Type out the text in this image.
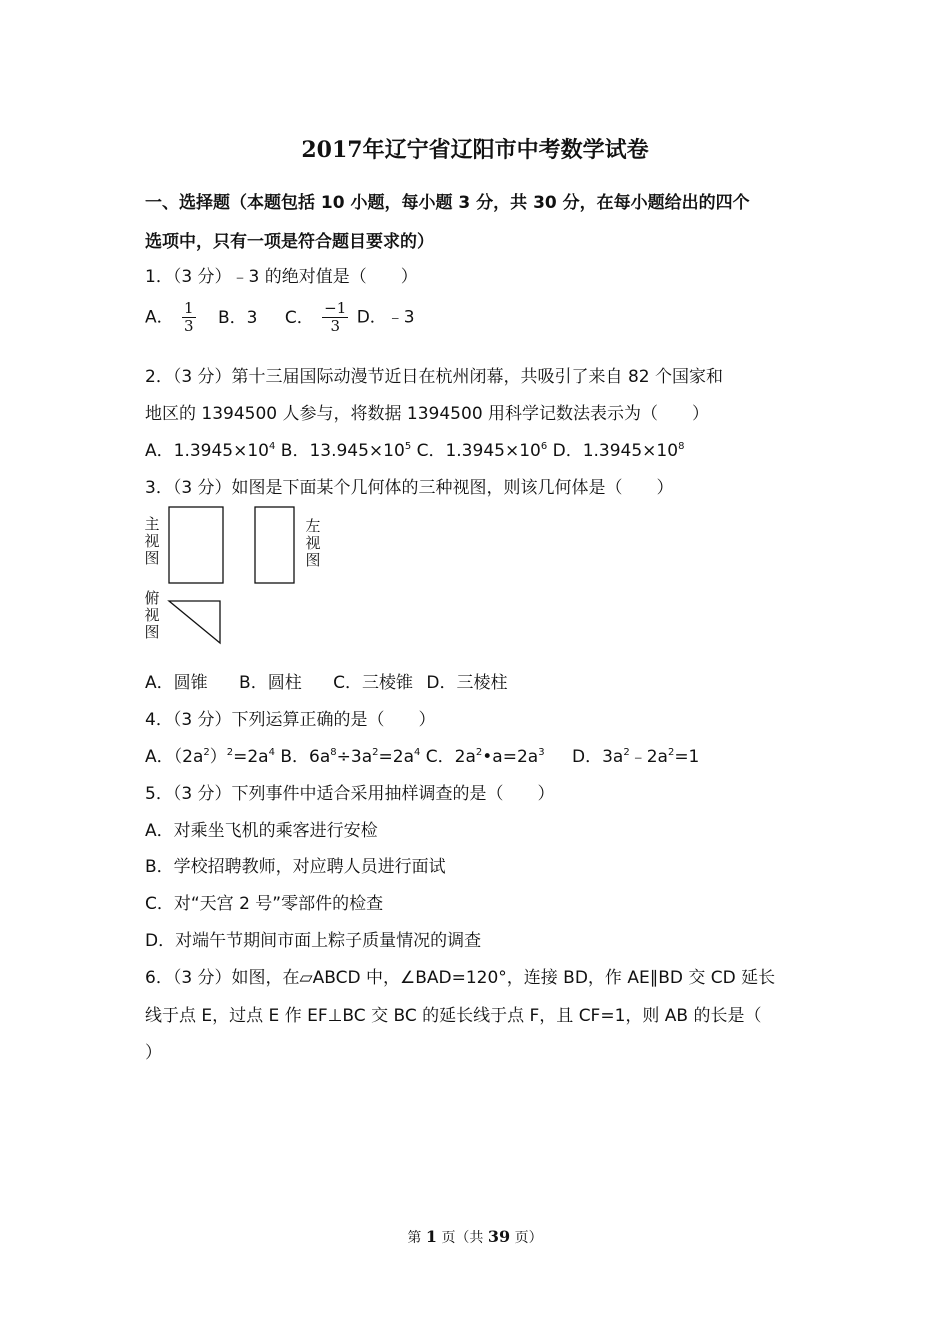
2017年辽宁省辽阳市中考数学试卷
一、选择题（本题包括 10 小题，每小题 3 分，共 30 分，在每小题给出的四个
选项中，只有一项是符合题目要求的）
1．（3 分）﹣3 的绝对值是（　　）
A． $\frac{1}{3}$ B．3 C． $\frac{-1}{3}$ D．﹣3
2．（3 分）第十三届国际动漫节近日在杭州闭幕，共吸引了来自 82 个国家和
地区的 1394500 人参与，将数据 1394500 用科学记数法表示为（　　）
A．$1.3945\times 10^4$ B．$13.945\times 10^5$ C．$1.3945\times 10^6$ D．$1.3945\times 10^8$
3．（3 分）如图是下面某个几何体的三种视图，则该几何体是（　　）
主视图
左视图
俯视图
A．圆锥 B．圆柱 C．三棱锥 D．三棱柱
4．（3 分）下列运算正确的是（　　）
A．$(2a^2)^2=2a^4$ B．$6a^8\div 3a^2=2a^4$ C．$2a^2•a=2a^3$ D．$3a^2﹣2a^2=1$
5．（3 分）下列事件中适合采用抽样调查的是（　　）
A．对乘坐飞机的乘客进行安检
B．学校招聘教师，对应聘人员进行面试
C．对“天宫 2 号”零部件的检查
D．对端午节期间市面上粽子质量情况的调查
6．（3 分）如图，在▱ABCD 中，∠BAD=120°，连接 BD，作 AE∥BD 交 CD 延长
线于点 E，过点 E 作 EF⊥BC 交 BC 的延长线于点 F，且 CF=1，则 AB 的长是（
）
第 1 页（共 39 页）
